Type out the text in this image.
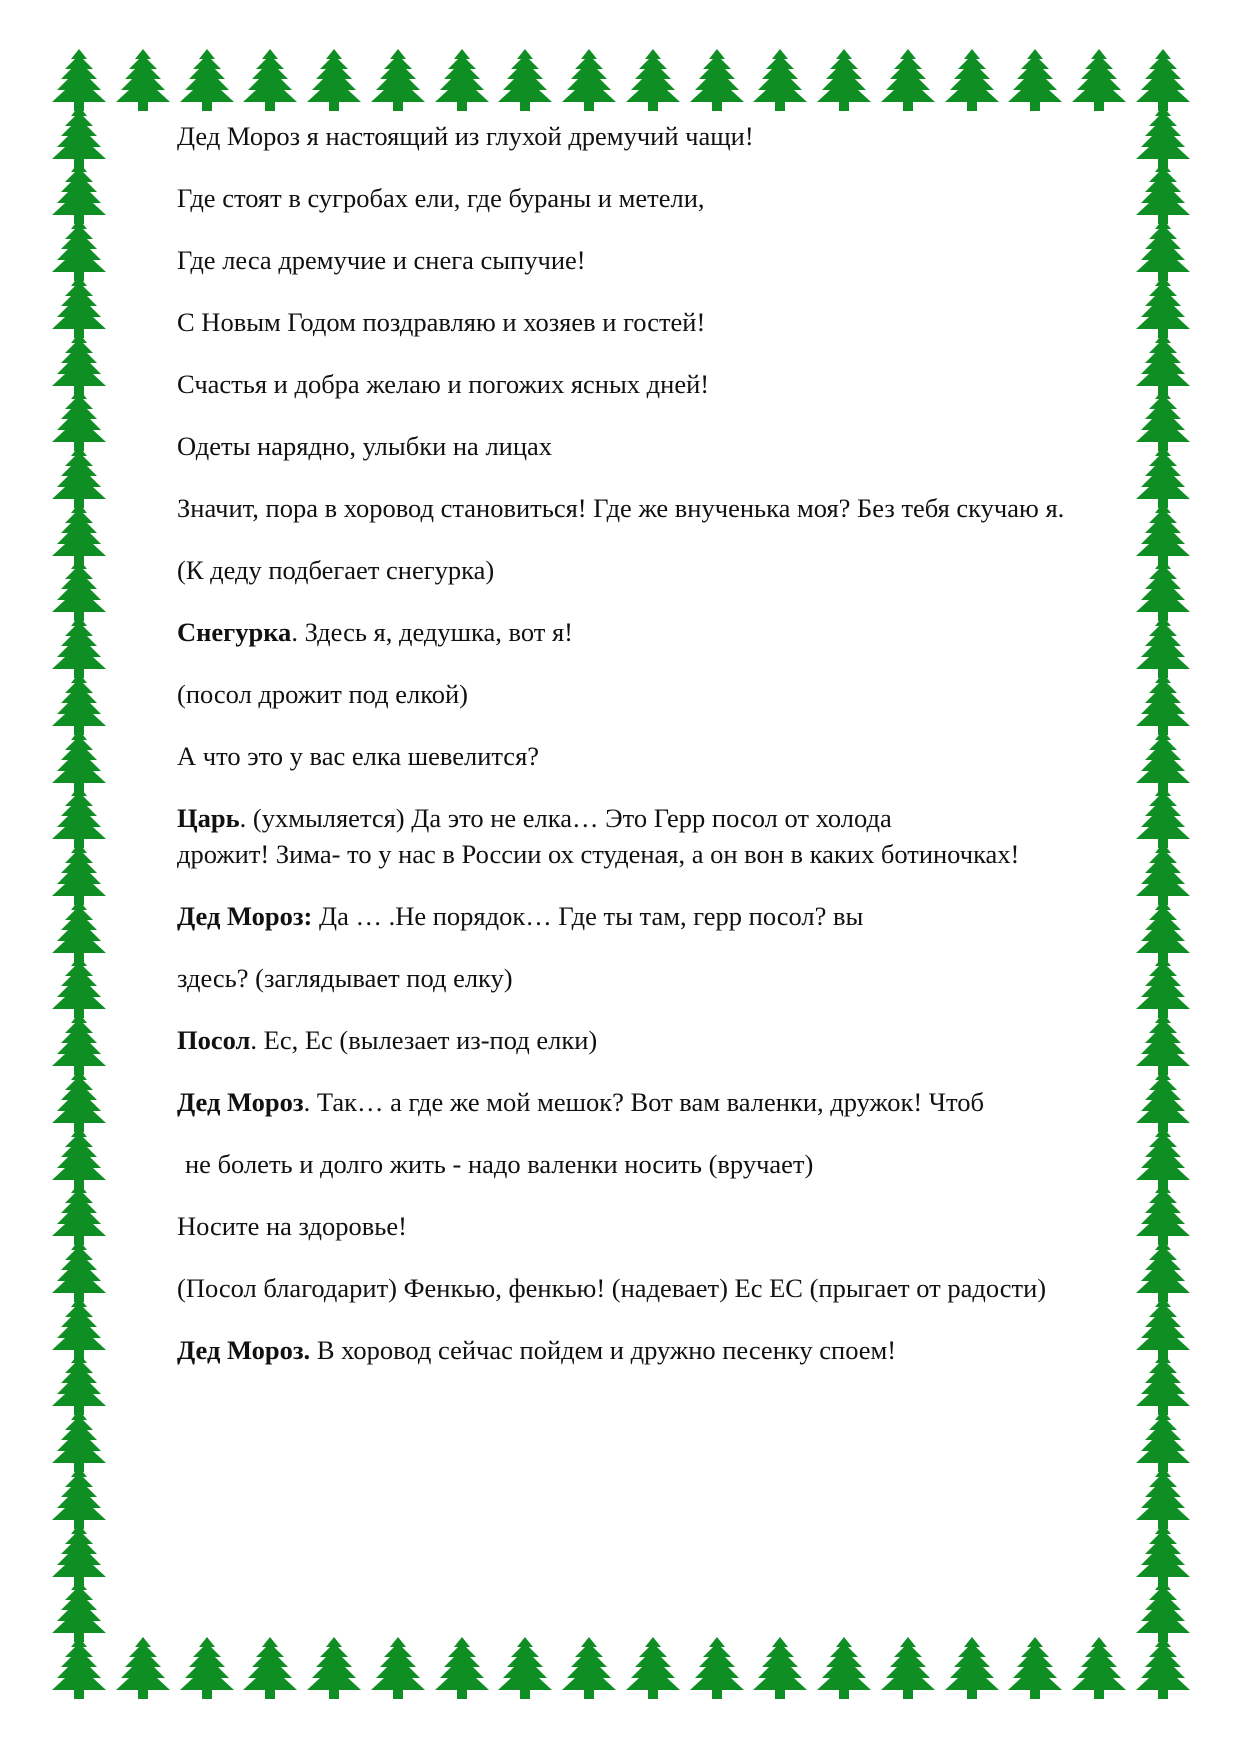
Дед Мороз я настоящий из глухой дремучий чащи!

Где стоят в сугробах ели, где бураны и метели,

Где леса дремучие и снега сыпучие!

С Новым Годом поздравляю и хозяев и гостей!

Счастья и добра желаю и погожих ясных дней!

Одеты нарядно, улыбки на лицах

Значит, пора в хоровод становиться! Где же внученька моя? Без тебя скучаю я.

(К деду подбегает снегурка)

Снегурка. Здесь я, дедушка, вот я!

(посол дрожит под елкой)

А что это у вас елка шевелится?

Царь. (ухмыляется) Да это не елка… Это Герр посол от холода
дрожит! Зима- то у нас в России ох студеная, а он вон в каких ботиночках!

Дед Мороз: Да … .Не порядок… Где ты там, герр посол? вы

здесь? (заглядывает под елку)

Посол. Ес, Ес (вылезает из-под елки)

Дед Мороз. Так… а где же мой мешок? Вот вам валенки, дружок! Чтоб

не болеть и долго жить - надо валенки носить (вручает)

Носите на здоровье!

(Посол благодарит) Фенкью, фенкью! (надевает) Ес ЕС (прыгает от радости)

Дед Мороз. В хоровод сейчас пойдем и дружно песенку споем!
